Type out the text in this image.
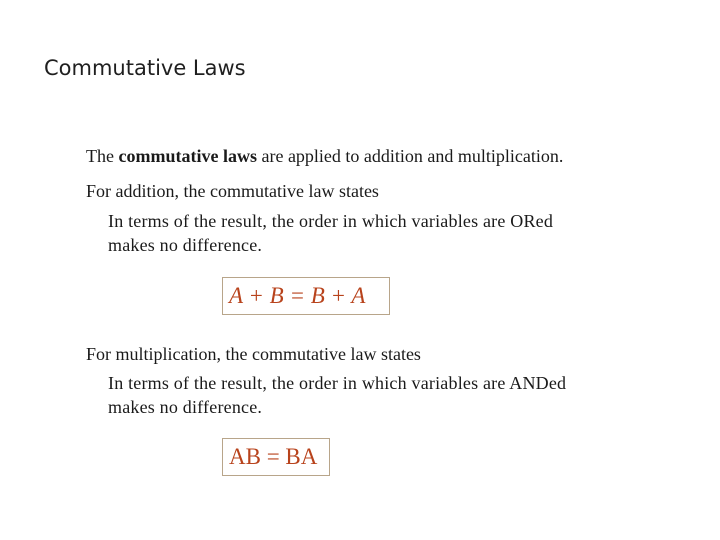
Commutative Laws
The commutative laws are applied to addition and multiplication.
For addition, the commutative law states
In terms of the result, the order in which variables are ORed
makes no difference.
A + B = B + A
For multiplication, the commutative law states
In terms of the result, the order in which variables are ANDed
makes no difference.
AB = BA
